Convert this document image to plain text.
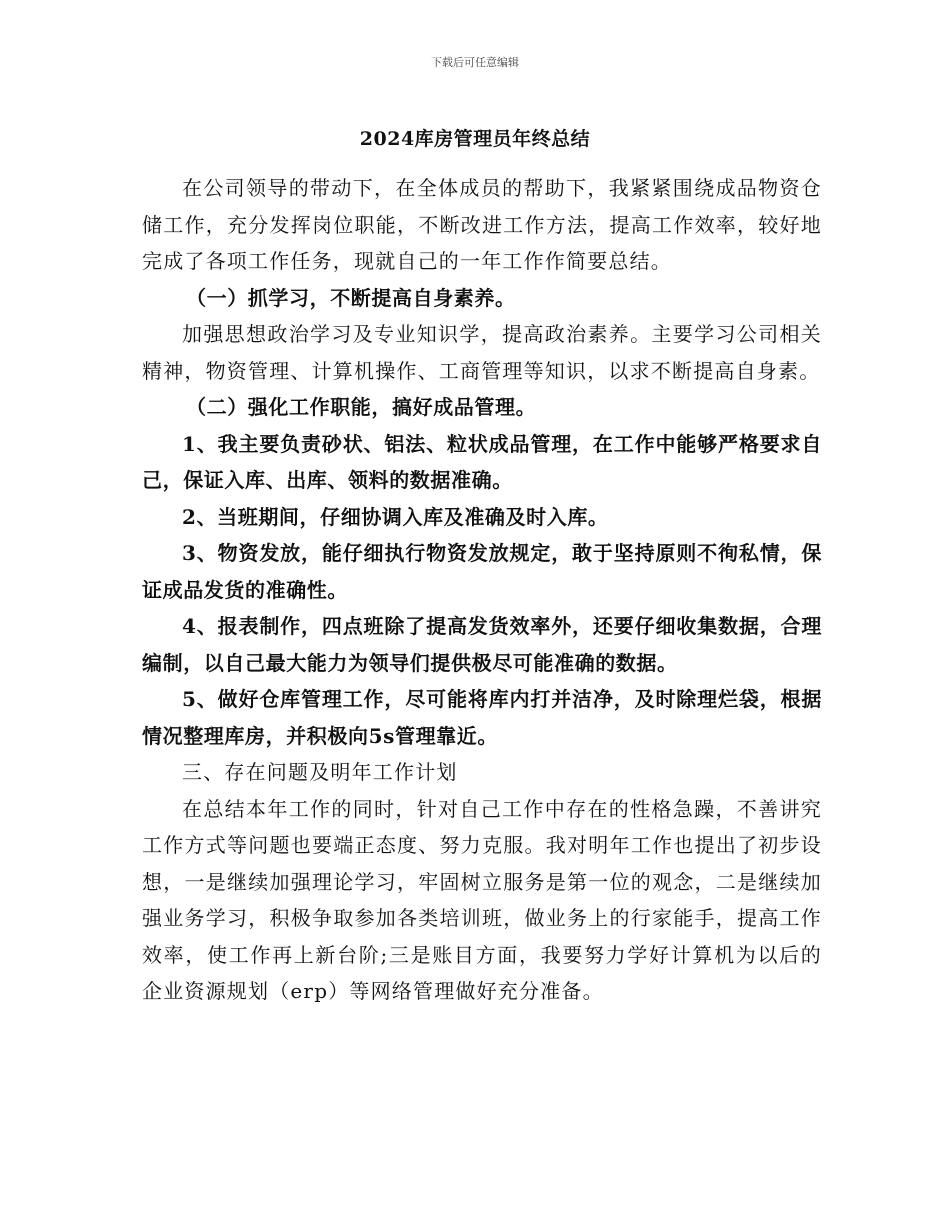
下载后可任意编辑
2024库房管理员年终总结

在公司领导的带动下，在全体成员的帮助下，我紧紧围绕成品物资仓储工作，充分发挥岗位职能，不断改进工作方法，提高工作效率，较好地完成了各项工作任务，现就自己的一年工作作简要总结。

（一）抓学习，不断提高自身素养。

加强思想政治学习及专业知识学，提高政治素养。主要学习公司相关精神，物资管理、计算机操作、工商管理等知识，以求不断提高自身素。

（二）强化工作职能，搞好成品管理。

1、我主要负责砂状、铝法、粒状成品管理，在工作中能够严格要求自己，保证入库、出库、领料的数据准确。

2、当班期间，仔细协调入库及准确及时入库。

3、物资发放，能仔细执行物资发放规定，敢于坚持原则不徇私情，保证成品发货的准确性。

4、报表制作，四点班除了提高发货效率外，还要仔细收集数据，合理编制，以自己最大能力为领导们提供极尽可能准确的数据。

5、做好仓库管理工作，尽可能将库内打并洁净，及时除理烂袋，根据情况整理库房，并积极向5s管理靠近。

三、存在问题及明年工作计划

在总结本年工作的同时，针对自己工作中存在的性格急躁，不善讲究工作方式等问题也要端正态度、努力克服。我对明年工作也提出了初步设想，一是继续加强理论学习，牢固树立服务是第一位的观念，二是继续加强业务学习，积极争取参加各类培训班，做业务上的行家能手，提高工作效率，使工作再上新台阶;三是账目方面，我要努力学好计算机为以后的企业资源规划（erp）等网络管理做好充分准备。
